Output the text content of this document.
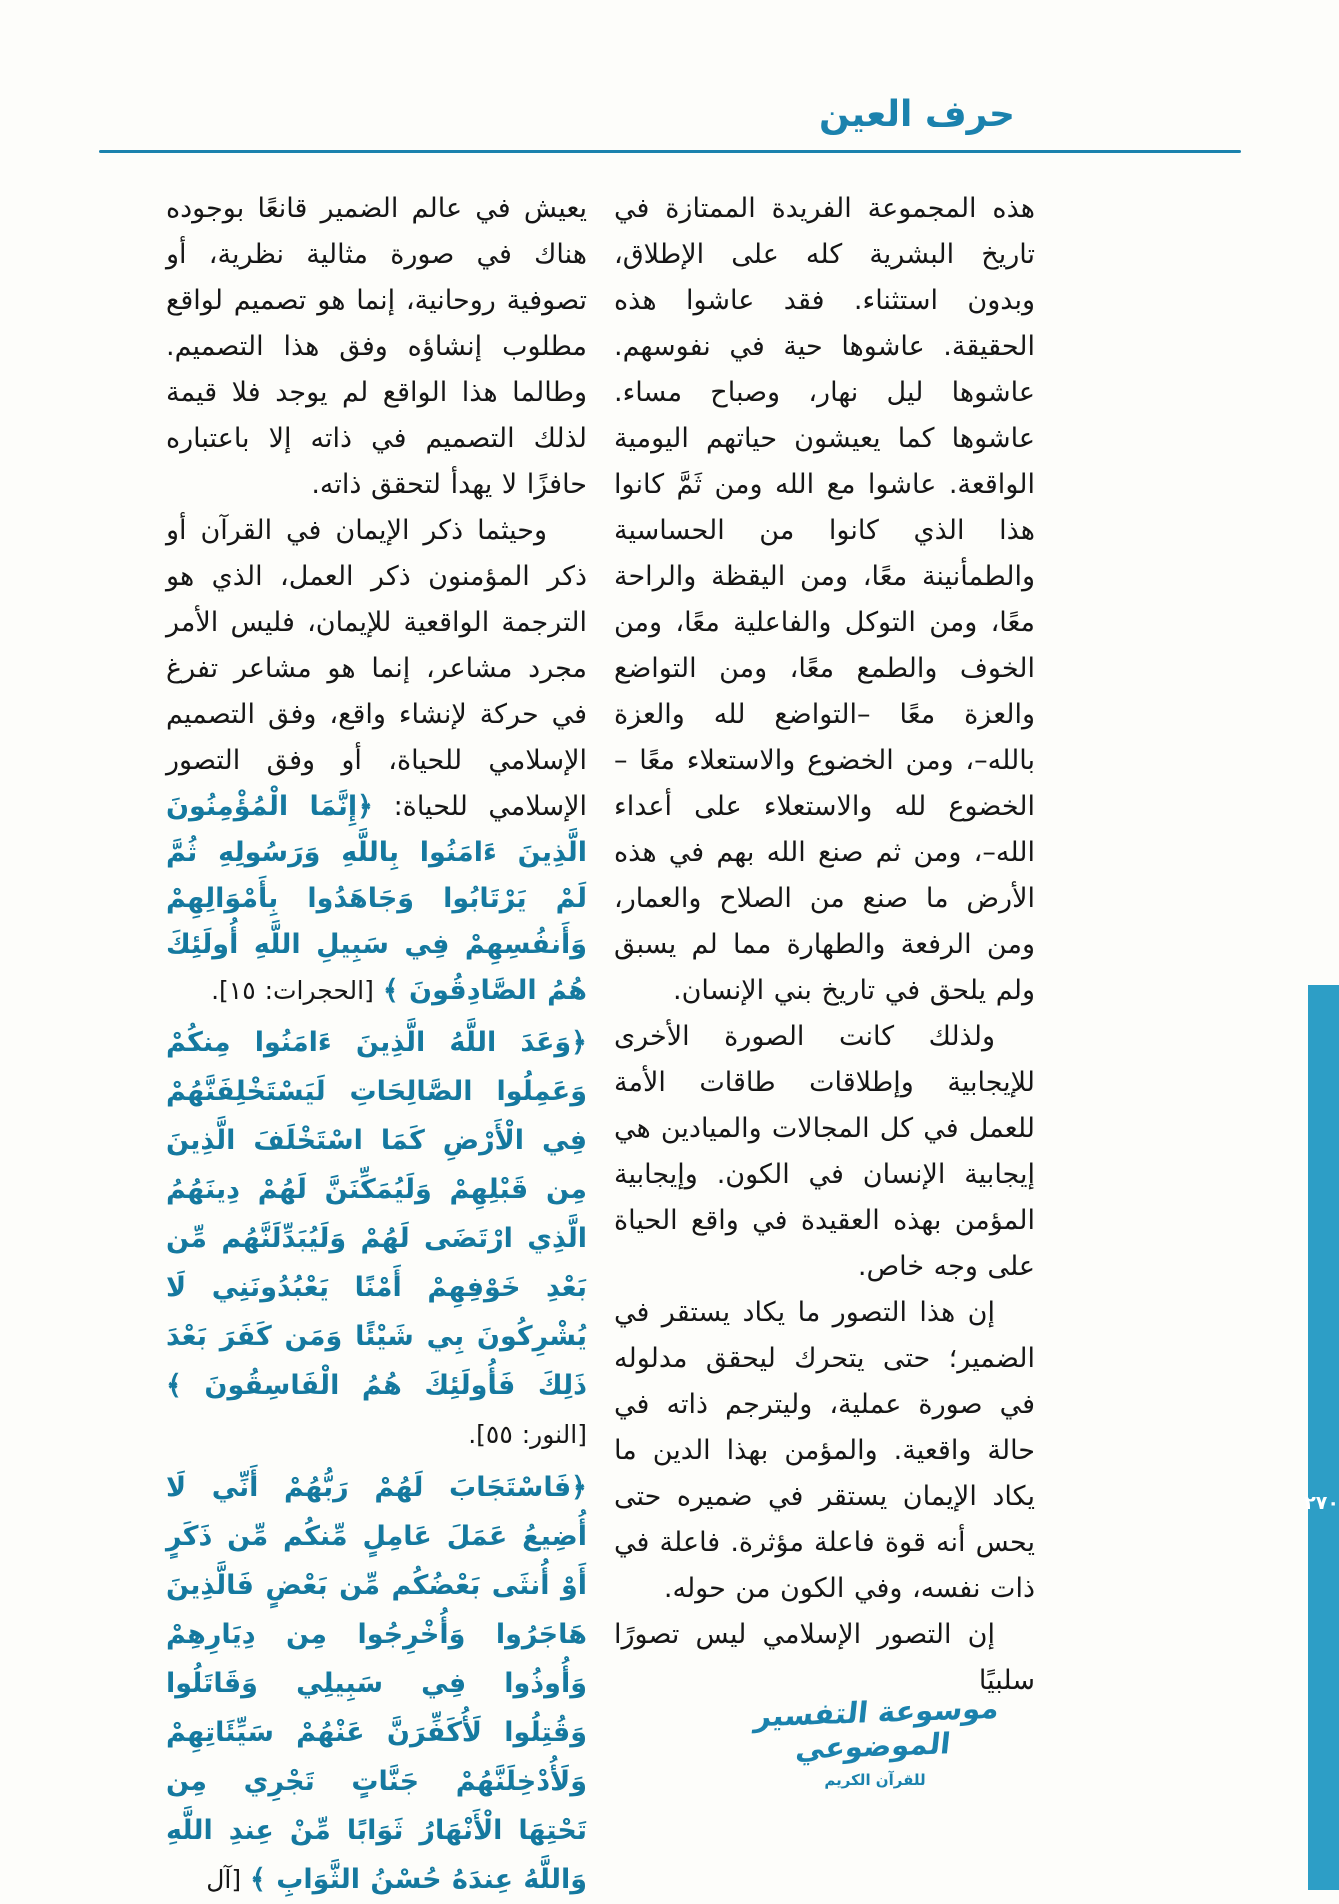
حرف العين

هذه المجموعة الفريدة الممتازة في تاريخ البشرية كله على الإطلاق، وبدون استثناء. فقد عاشوا هذه الحقيقة. عاشوها حية في نفوسهم. عاشوها ليل نهار، وصباح مساء. عاشوها كما يعيشون حياتهم اليومية الواقعة. عاشوا مع الله ومن ثَمَّ كانوا هذا الذي كانوا من الحساسية والطمأنينة معًا، ومن اليقظة والراحة معًا، ومن التوكل والفاعلية معًا، ومن الخوف والطمع معًا، ومن التواضع والعزة معًا –التواضع لله والعزة بالله–، ومن الخضوع والاستعلاء معًا –الخضوع لله والاستعلاء على أعداء الله–، ومن ثم صنع الله بهم في هذه الأرض ما صنع من الصلاح والعمار، ومن الرفعة والطهارة مما لم يسبق ولم يلحق في تاريخ بني الإنسان.

ولذلك كانت الصورة الأخرى للإيجابية وإطلاقات طاقات الأمة للعمل في كل المجالات والميادين هي إيجابية الإنسان في الكون. وإيجابية المؤمن بهذه العقيدة في واقع الحياة على وجه خاص.

إن هذا التصور ما يكاد يستقر في الضمير؛ حتى يتحرك ليحقق مدلوله في صورة عملية، وليترجم ذاته في حالة واقعية. والمؤمن بهذا الدين ما يكاد الإيمان يستقر في ضميره حتى يحس أنه قوة فاعلة مؤثرة. فاعلة في ذات نفسه، وفي الكون من حوله.

إن التصور الإسلامي ليس تصورًا سلبيًا

يعيش في عالم الضمير قانعًا بوجوده هناك في صورة مثالية نظرية، أو تصوفية روحانية، إنما هو تصميم لواقع مطلوب إنشاؤه وفق هذا التصميم. وطالما هذا الواقع لم يوجد فلا قيمة لذلك التصميم في ذاته إلا باعتباره حافزًا لا يهدأ لتحقق ذاته.

وحيثما ذكر الإيمان في القرآن أو ذكر المؤمنون ذكر العمل، الذي هو الترجمة الواقعية للإيمان، فليس الأمر مجرد مشاعر، إنما هو مشاعر تفرغ في حركة لإنشاء واقع، وفق التصميم الإسلامي للحياة، أو وفق التصور الإسلامي للحياة: ﴿إِنَّمَا الْمُؤْمِنُونَ الَّذِينَ ءَامَنُوا بِاللَّهِ وَرَسُولِهِ ثُمَّ لَمْ يَرْتَابُوا وَجَاهَدُوا بِأَمْوَالِهِمْ وَأَنفُسِهِمْ فِي سَبِيلِ اللَّهِ أُولَئِكَ هُمُ الصَّادِقُونَ ﴾ [الحجرات: ١٥].

﴿وَعَدَ اللَّهُ الَّذِينَ ءَامَنُوا مِنكُمْ وَعَمِلُوا الصَّالِحَاتِ لَيَسْتَخْلِفَنَّهُمْ فِي الْأَرْضِ كَمَا اسْتَخْلَفَ الَّذِينَ مِن قَبْلِهِمْ وَلَيُمَكِّنَنَّ لَهُمْ دِينَهُمُ الَّذِي ارْتَضَى لَهُمْ وَلَيُبَدِّلَنَّهُم مِّن بَعْدِ خَوْفِهِمْ أَمْنًا يَعْبُدُونَنِي لَا يُشْرِكُونَ بِي شَيْئًا وَمَن كَفَرَ بَعْدَ ذَلِكَ فَأُولَئِكَ هُمُ الْفَاسِقُونَ ﴾ [النور: ٥٥].

﴿فَاسْتَجَابَ لَهُمْ رَبُّهُمْ أَنِّي لَا أُضِيعُ عَمَلَ عَامِلٍ مِّنكُم مِّن ذَكَرٍ أَوْ أُنثَى بَعْضُكُم مِّن بَعْضٍ فَالَّذِينَ هَاجَرُوا وَأُخْرِجُوا مِن دِيَارِهِمْ وَأُوذُوا فِي سَبِيلِي وَقَاتَلُوا وَقُتِلُوا لَأُكَفِّرَنَّ عَنْهُمْ سَيِّئَاتِهِمْ وَلَأُدْخِلَنَّهُمْ جَنَّاتٍ تَجْرِي مِن تَحْتِهَا الْأَنْهَارُ ثَوَابًا مِّنْ عِندِ اللَّهِ وَاللَّهُ عِندَهُ حُسْنُ الثَّوَابِ ﴾ [آل

موسوعة التفسير الموضوعي
للقرآن الكريم
٢٧٠
